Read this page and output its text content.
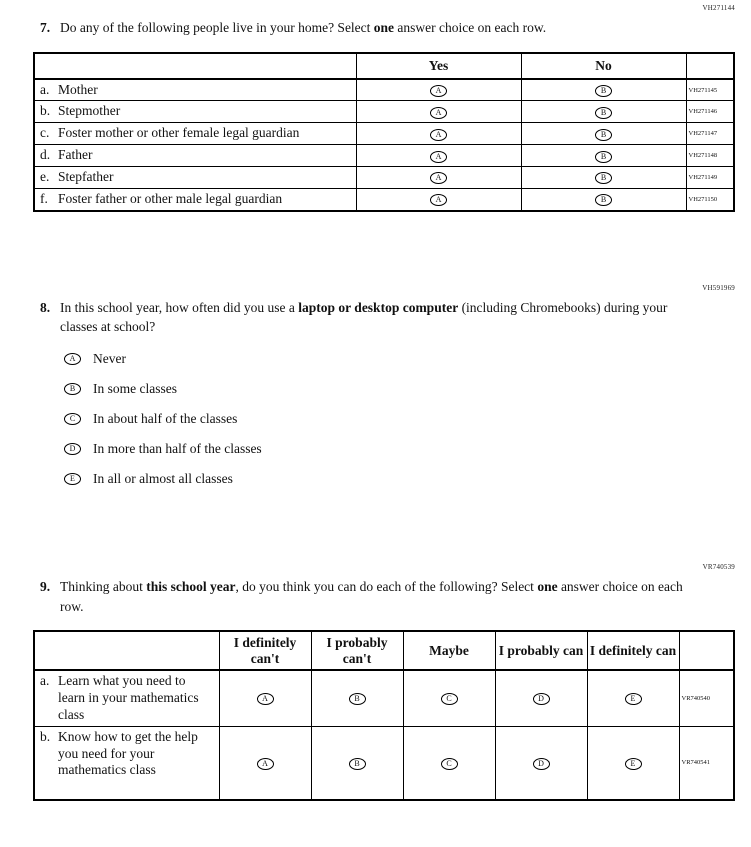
VH271144
7. Do any of the following people live in your home? Select one answer choice on each row.
	Yes	No	

a. Mother	A	B	VH271145

b. Stepmother	A	B	VH271146

c. Foster mother or other female legal guardian	A	B	VH271147

d. Father	A	B	VH271148

e. Stepfather	A	B	VH271149

f. Foster father or other male legal guardian	A	B	VH271150
VH591969
8. In this school year, how often did you use a laptop or desktop computer (including Chromebooks) during your classes at school?
A	Never
B	In some classes
C	In about half of the classes
D	In more than half of the classes
E	In all or almost all classes
VR740539
9. Thinking about this school year, do you think you can do each of the following? Select one answer choice on each row.
	I definitely can't	I probably can't	Maybe	I probably can	I definitely can	

a. Learn what you need to learn in your mathematics class	A	B	C	D	E	VR740540

b. Know how to get the help you need for your mathematics class	A	B	C	D	E	VR740541
